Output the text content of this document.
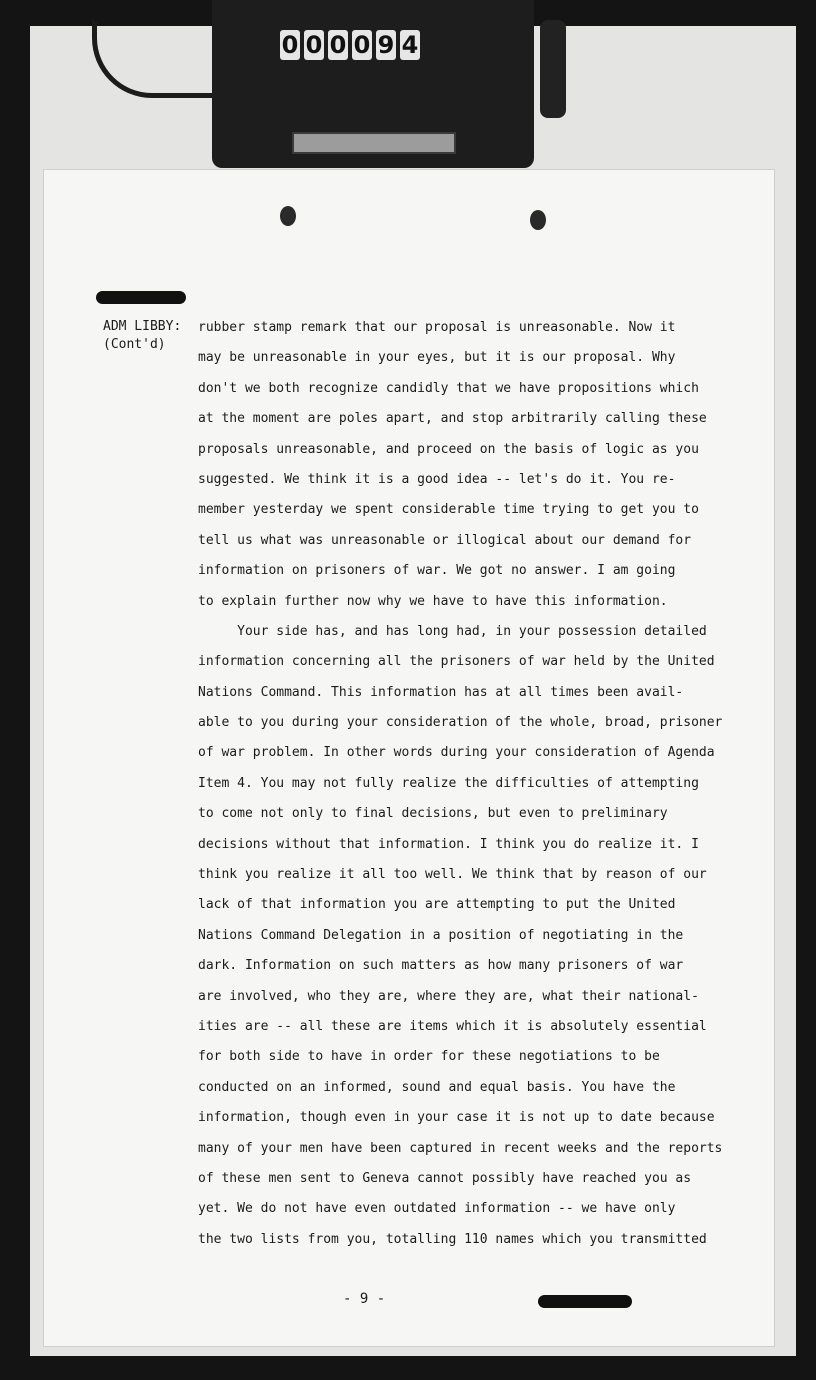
0 0 0 0 9 4
ADM LIBBY:
(Cont'd)
rubber stamp remark that our proposal is unreasonable. Now it
may be unreasonable in your eyes, but it is our proposal. Why
don't we both recognize candidly that we have propositions which
at the moment are poles apart, and stop arbitrarily calling these
proposals unreasonable, and proceed on the basis of logic as you
suggested. We think it is a good idea -- let's do it. You re-
member yesterday we spent considerable time trying to get you to
tell us what was unreasonable or illogical about our demand for
information on prisoners of war. We got no answer. I am going
to explain further now why we have to have this information.
Your side has, and has long had, in your possession detailed
information concerning all the prisoners of war held by the United
Nations Command. This information has at all times been avail-
able to you during your consideration of the whole, broad, prisoner
of war problem. In other words during your consideration of Agenda
Item 4. You may not fully realize the difficulties of attempting
to come not only to final decisions, but even to preliminary
decisions without that information. I think you do realize it. I
think you realize it all too well. We think that by reason of our
lack of that information you are attempting to put the United
Nations Command Delegation in a position of negotiating in the
dark. Information on such matters as how many prisoners of war
are involved, who they are, where they are, what their national-
ities are -- all these are items which it is absolutely essential
for both side to have in order for these negotiations to be
conducted on an informed, sound and equal basis. You have the
information, though even in your case it is not up to date because
many of your men have been captured in recent weeks and the reports
of these men sent to Geneva cannot possibly have reached you as
yet. We do not have even outdated information -- we have only
the two lists from you, totalling 110 names which you transmitted
- 9 -
